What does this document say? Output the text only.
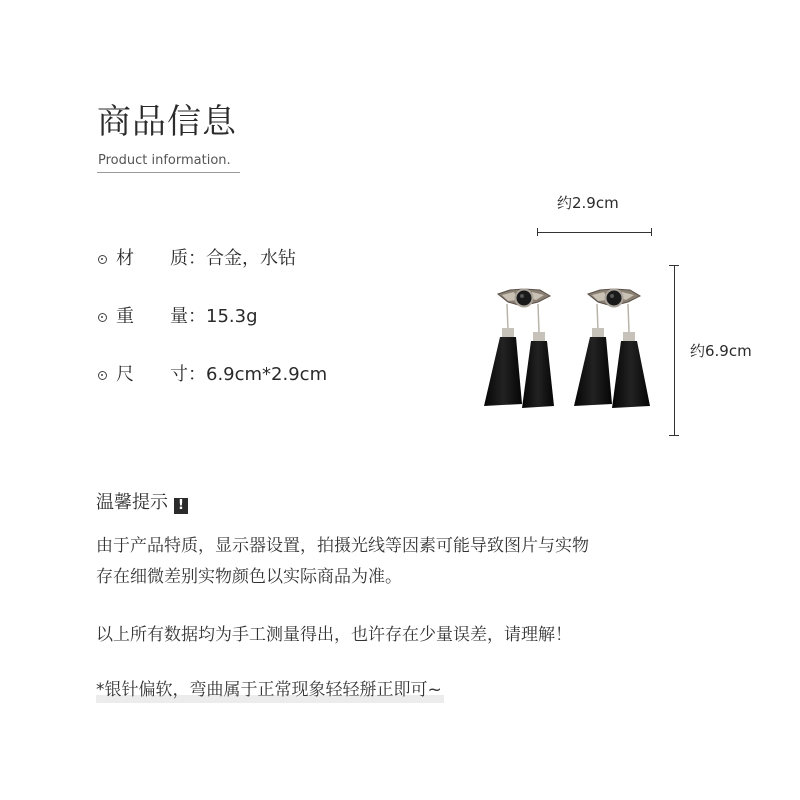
商品信息
Product information.
材 质：合金，水钻
重 量：15.3g
尺 寸：6.9cm*2.9cm
约2.9cm
约6.9cm
温馨提示 !
由于产品特质，显示器设置，拍摄光线等因素可能导致图片与实物
存在细微差别实物颜色以实际商品为准。
以上所有数据均为手工测量得出，也许存在少量误差，请理解！
*银针偏软，弯曲属于正常现象轻轻掰正即可~
